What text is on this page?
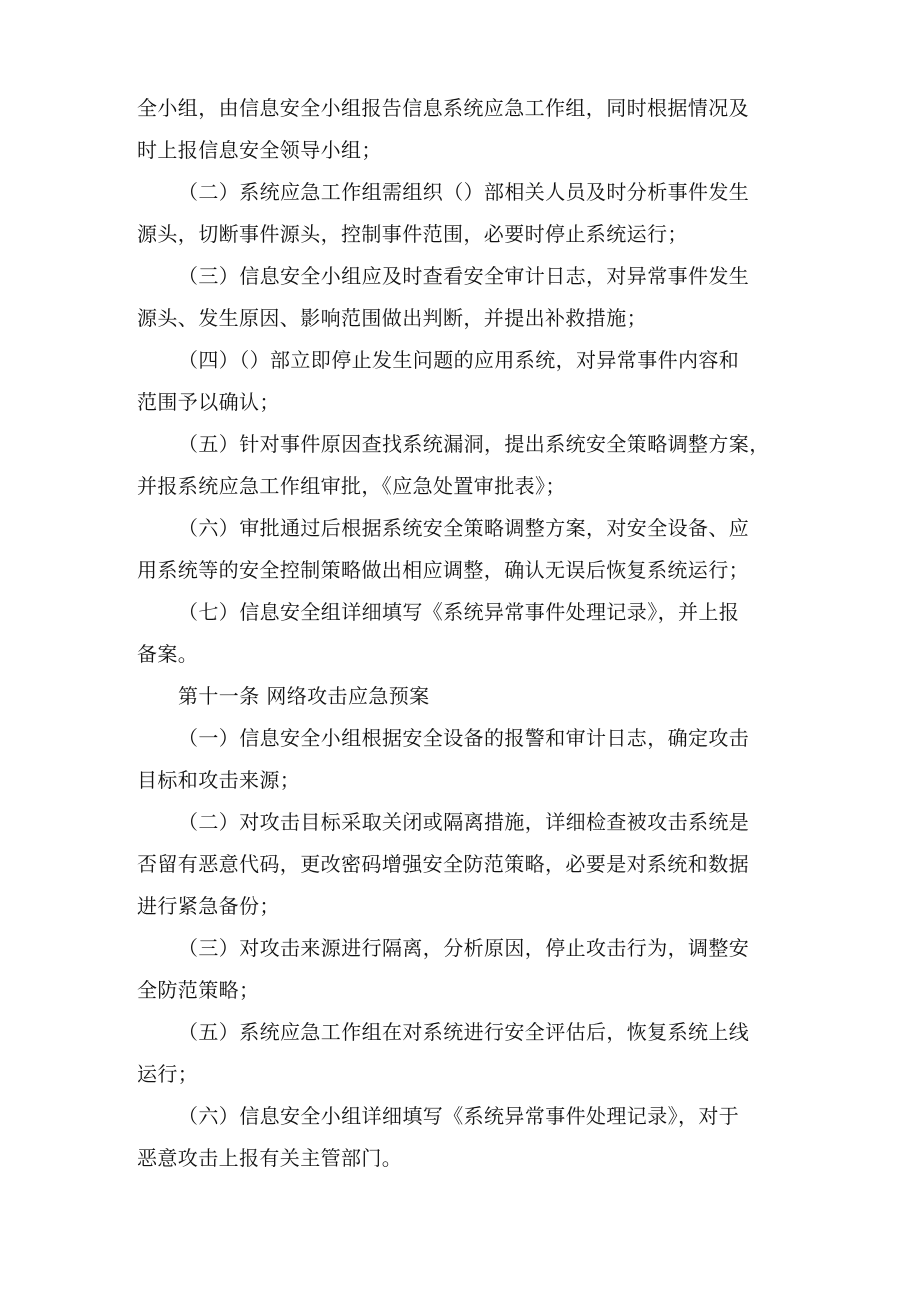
全小组，由信息安全小组报告信息系统应急工作组，同时根据情况及
时上报信息安全领导小组；
（二）系统应急工作组需组织（）部相关人员及时分析事件发生
源头，切断事件源头，控制事件范围，必要时停止系统运行；
（三）信息安全小组应及时查看安全审计日志，对异常事件发生
源头、发生原因、影响范围做出判断，并提出补救措施；
（四）（）部立即停止发生问题的应用系统，对异常事件内容和
范围予以确认；
（五）针对事件原因查找系统漏洞，提出系统安全策略调整方案，
并报系统应急工作组审批，《应急处置审批表》；
（六）审批通过后根据系统安全策略调整方案，对安全设备、应
用系统等的安全控制策略做出相应调整，确认无误后恢复系统运行；
（七）信息安全组详细填写《系统异常事件处理记录》，并上报
备案。
第十一条 网络攻击应急预案
（一）信息安全小组根据安全设备的报警和审计日志，确定攻击
目标和攻击来源；
（二）对攻击目标采取关闭或隔离措施，详细检查被攻击系统是
否留有恶意代码，更改密码增强安全防范策略，必要是对系统和数据
进行紧急备份；
（三）对攻击来源进行隔离，分析原因，停止攻击行为，调整安
全防范策略；
（五）系统应急工作组在对系统进行安全评估后，恢复系统上线
运行；
（六）信息安全小组详细填写《系统异常事件处理记录》，对于
恶意攻击上报有关主管部门。
